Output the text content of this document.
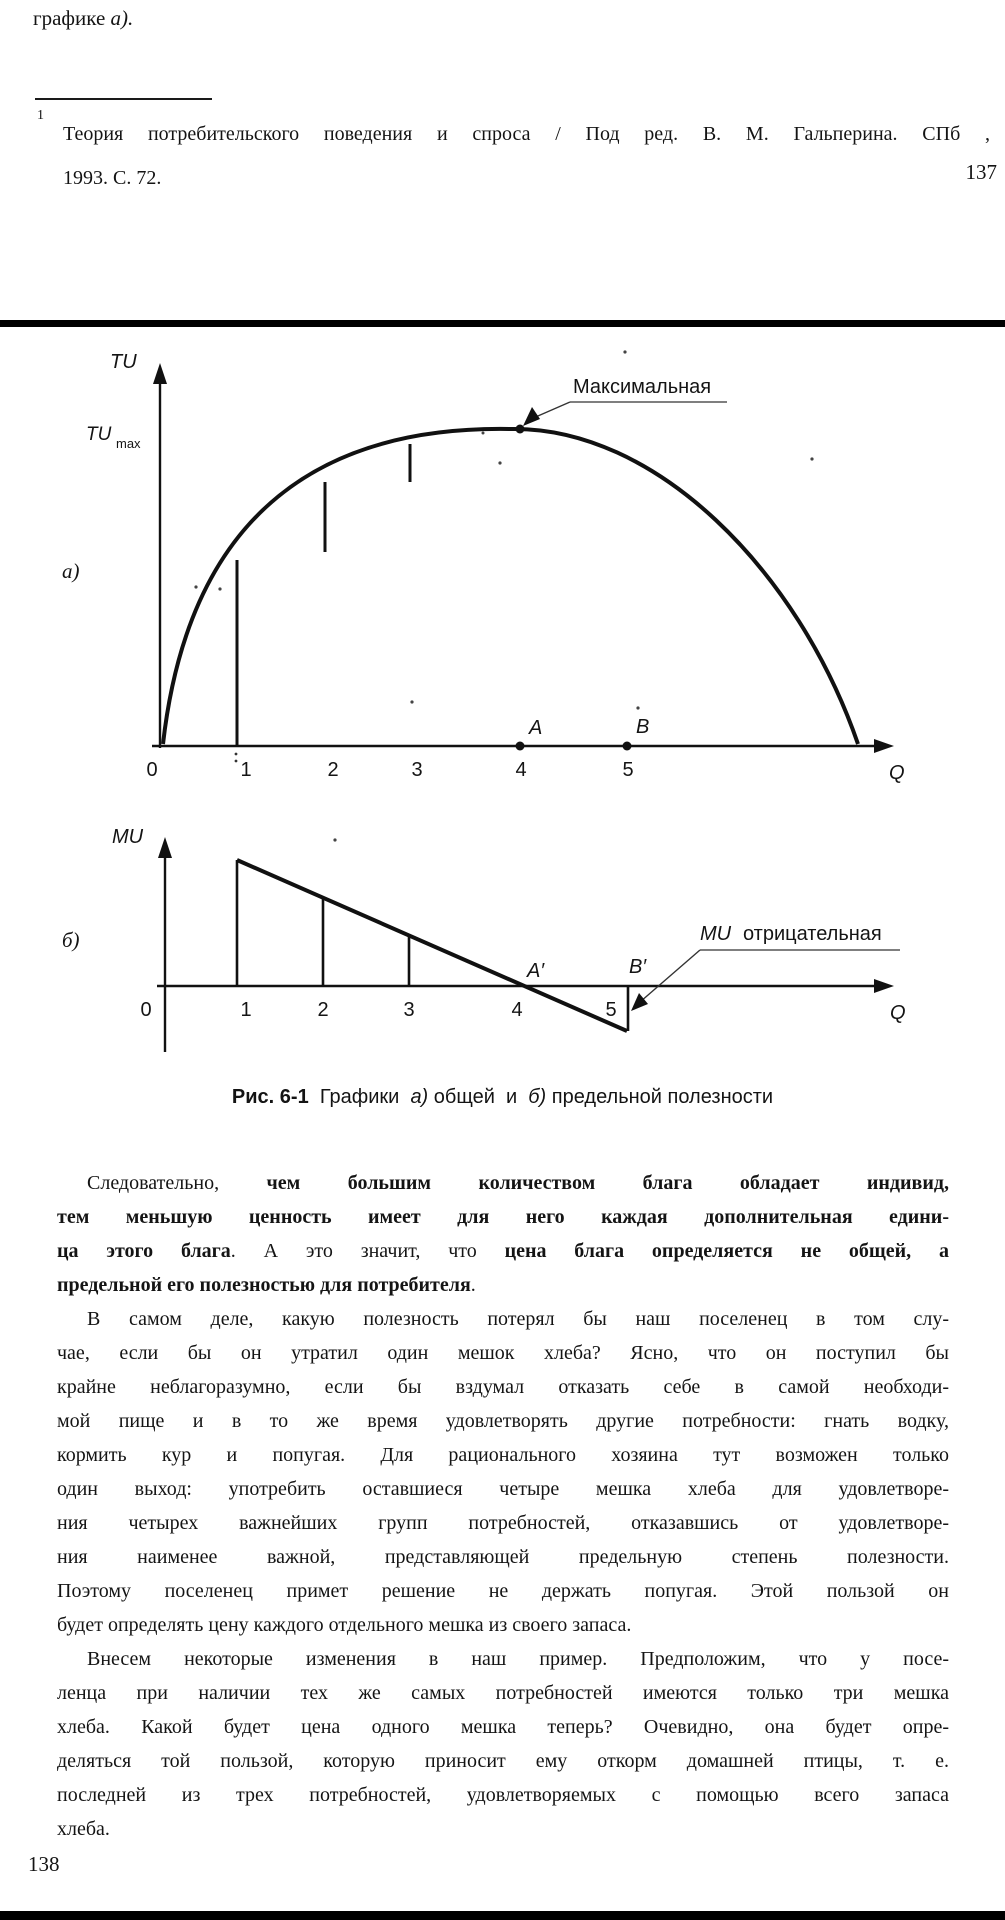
графике а).
1
Теория потребительского поведения и спроса / Под ред. В. М. Гальперина. СПб ,
1993. С. 72.	137
а)
TU
TU max
Q
Максимальная
A	B
0	1	2	3	4	5
б)
MU
Q
0	1	2	3	4	5
A′	B′
MU отрицательная
Рис. 6-1  Графики  а) общей  и  б) предельной полезности
Следовательно, чем большим количеством блага обладает индивид,
тем меньшую ценность имеет для него каждая дополнительная едини-
ца этого блага. А это значит, что цена блага определяется не общей, а
предельной его полезностью для потребителя.
В самом деле, какую полезность потерял бы наш поселенец в том слу-
чае, если бы он утратил один мешок хлеба? Ясно, что он поступил бы
крайне неблагоразумно, если бы вздумал отказать себе в самой необходи-
мой пище и в то же время удовлетворять другие потребности: гнать водку,
кормить кур и попугая. Для рационального хозяина тут возможен только
один выход: употребить оставшиеся четыре мешка хлеба для удовлетворе-
ния четырех важнейших групп потребностей, отказавшись от удовлетворе-
ния наименее важной, представляющей предельную степень полезности.
Поэтому поселенец примет решение не держать попугая. Этой пользой он
будет определять цену каждого отдельного мешка из своего запаса.
Внесем некоторые изменения в наш пример. Предположим, что у посе-
ленца при наличии тех же самых потребностей имеются только три мешка
хлеба. Какой будет цена одного мешка теперь? Очевидно, она будет опре-
деляться той пользой, которую приносит ему откорм домашней птицы, т. е.
последней из трех потребностей, удовлетворяемых с помощью всего запаса
хлеба.
138
